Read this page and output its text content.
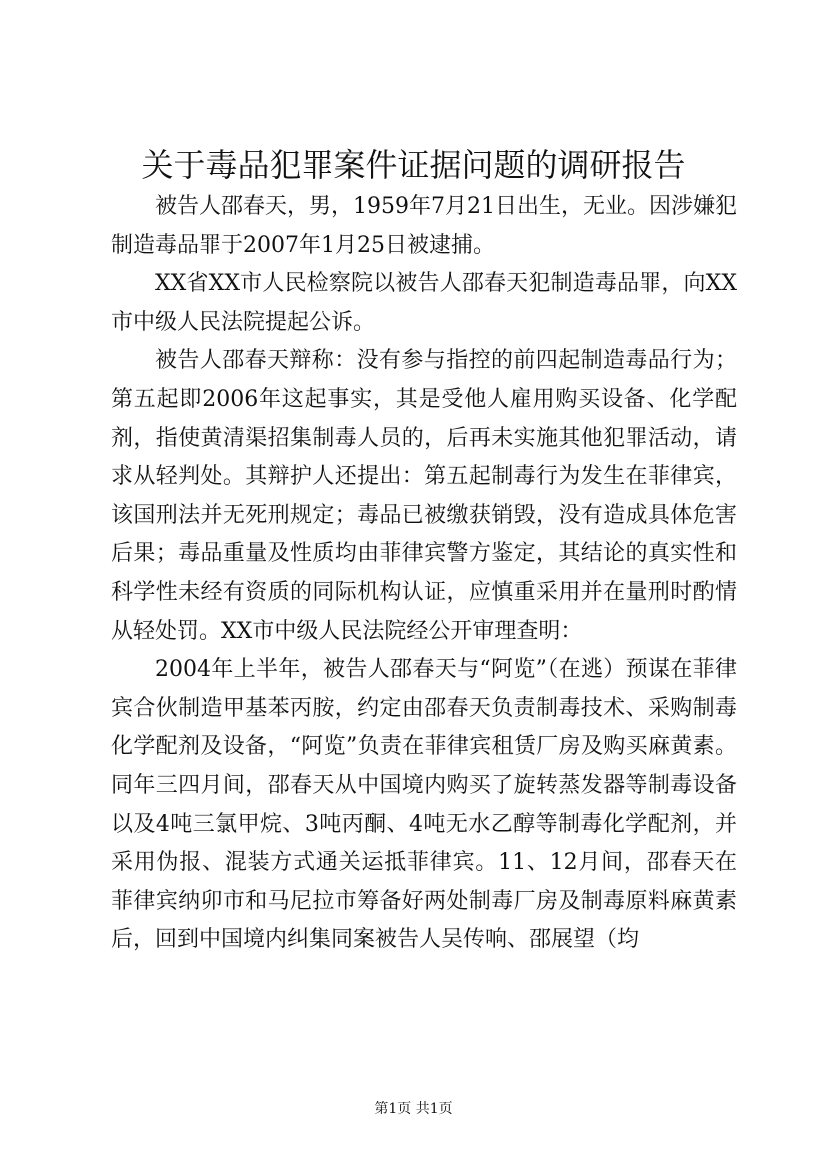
关于毒品犯罪案件证据问题的调研报告

被告人邵春天，男，1959年7月21日出生，无业。因涉嫌犯制造毒品罪于2007年1月25日被逮捕。

XX省XX市人民检察院以被告人邵春天犯制造毒品罪，向XX市中级人民法院提起公诉。

被告人邵春天辩称：没有参与指控的前四起制造毒品行为；第五起即2006年这起事实，其是受他人雇用购买设备、化学配剂，指使黄清渠招集制毒人员的，后再未实施其他犯罪活动，请求从轻判处。其辩护人还提出：第五起制毒行为发生在菲律宾，该国刑法并无死刑规定；毒品已被缴获销毁，没有造成具体危害后果；毒品重量及性质均由菲律宾警方鉴定，其结论的真实性和科学性未经有资质的同际机构认证，应慎重采用并在量刑时酌情从轻处罚。XX市中级人民法院经公开审理查明：

2004年上半年，被告人邵春天与“阿览”（在逃）预谋在菲律宾合伙制造甲基苯丙胺，约定由邵春天负责制毒技术、采购制毒化学配剂及设备，“阿览”负责在菲律宾租赁厂房及购买麻黄素。同年三四月间，邵春天从中国境内购买了旋转蒸发器等制毒设备以及4吨三氯甲烷、3吨丙酮、4吨无水乙醇等制毒化学配剂，并采用伪报、混装方式通关运抵菲律宾。11、12月间，邵春天在菲律宾纳卯市和马尼拉市筹备好两处制毒厂房及制毒原料麻黄素后，回到中国境内纠集同案被告人吴传响、邵展望（均

第1页 共1页
